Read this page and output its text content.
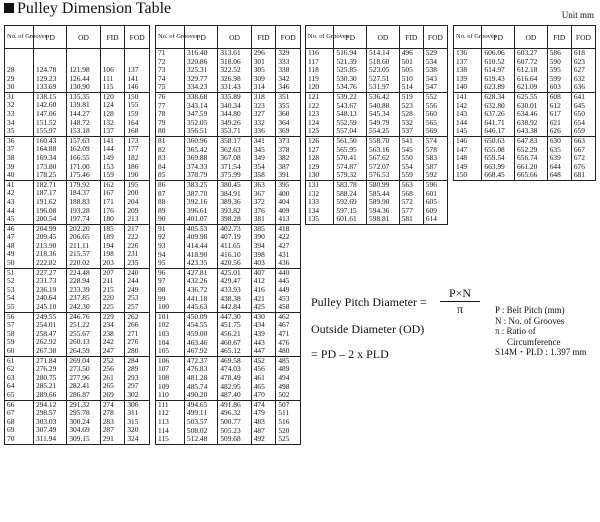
Pulley Dimension Table	Unit mm
No. of Grooves	PD	OD	FID	FOD

28	124.78	121.98	106	137
29	129.23	126.44	111	141
30	133.69	130.90	115	146
31	138.15	135.35	120	150
32	142.60	139.81	124	155
33	147.06	144.27	128	159
34	151.52	148.72	132	164
35	155.97	153.18	137	168
36	160.43	157.63	141	173
37	164.88	162.09	144	177
38	169.34	166.55	149	182
39	173.80	171.00	153	186
40	178.25	175.46	159	190
41	182.71	179.92	162	195
42	187.17	184.37	167	200
43	191.62	188.83	171	204
44	196.08	193.28	176	209
45	200.54	197.74	180	213
46	204.99	202.20	185	217
47	209.45	206.65	189	222
48	213.90	211.11	194	226
49	218.36	215.57	198	231
50	222.82	220.02	203	235
51	227.27	224.48	207	240
52	231.73	228.94	211	244
53	236.19	233.39	215	249
54	240.64	237.85	220	253
55	245.10	242.30	225	257
56	249.55	246.76	229	262
57	254.01	251.22	234	266
58	258.47	255.67	238	271
59	262.92	260.13	242	276
60	267.38	264.59	247	280
61	271.84	269.04	252	284
62	276.29	273.50	256	289
63	280.75	277.96	261	293
64	285.21	282.41	265	297
65	289.66	286.87	269	302
66	294.12	291.32	274	306
67	298.57	295.78	278	311
68	303.03	300.24	283	315
69	307.49	304.69	287	320
70	311.94	309.15	291	324
No. of Grooves	PD	OD	FID	FOD
71	316.40	313.61	296	329
72	320.86	318.06	301	333
73	325.31	322.52	305	338
74	329.77	326.98	309	342
75	334.23	331.43	314	346
76	338.68	335.89	318	351
77	343.14	340.34	323	355
78	347.59	344.80	327	360
79	352.05	349.26	332	364
80	356.51	353.71	336	369
81	360.96	358.17	341	373
82	365.42	362.63	345	378
83	369.88	367.08	349	382
84	374.33	371.54	354	387
85	378.79	375.99	358	391
86	383.25	380.45	363	395
87	387.70	384.91	367	400
88	392.16	389.36	372	404
89	396.61	393.82	376	409
90	401.07	398.28	381	413
91	405.53	402.73	385	418
92	409.98	407.19	390	422
93	414.44	411.65	394	427
94	418.90	416.10	398	431
95	423.35	420.56	403	436
96	427.81	425.01	407	440
97	432.26	429.47	412	445
98	436.72	433.93	416	449
99	441.18	438.38	421	453
100	445.63	442.84	425	458
101	450.09	447.30	430	462
102	454.55	451.75	434	467
103	459.00	456.21	439	471
104	463.46	460.67	443	476
105	467.92	465.12	447	480
106	472.37	469.58	452	485
107	476.83	474.03	456	489
108	481.28	478.49	461	494
109	485.74	482.95	465	498
110	490.20	487.40	470	502
111	494.65	491.86	474	507
112	499.11	496.32	479	511
113	503.57	500.77	483	516
114	508.02	505.23	487	520
115	512.48	509.68	492	525
No. of Grooves	PD	OD	FID	FOD
116	516.94	514.14	496	529
117	521.39	518.60	501	534
118	525.85	523.05	505	538
119	530.30	527.51	510	543
120	534.76	531.97	514	547
121	539.22	536.42	519	552
122	543.67	540.88	523	556
123	548.13	545.34	528	560
124	552.59	549.79	532	565
125	557.04	554.25	537	569
126	561.50	558.70	541	574
127	565.95	563.16	545	578
128	570.41	567.62	550	583
129	574.87	572.07	554	587
130	579.32	576.53	559	592
131	583.78	580.99	563	596
132	588.24	585.44	568	601
133	592.69	589.90	572	605
134	597.15	594.36	577	609
135	601.61	598.81	581	614
No. of Grooves	PD	OD	FID	FOD
136	606.06	603.27	586	618
137	610.52	607.72	590	623
138	614.97	612.18	595	627
139	619.43	616.64	599	632
140	623.89	621.09	603	636
141	628.34	625.55	608	641
142	632.80	630.01	612	645
143	637.26	634.46	617	650
144	641.71	638.92	621	654
145	646.17	643.38	626	659
146	650.63	647.83	630	663
147	655.08	652.29	635	667
148	659.54	656.74	639	672
149	663.99	661.20	644	676
150	668.45	665.66	648	681
Pulley Pitch Diameter = $\frac{P\times N}{\pi}$
Outside Diameter (OD)
= PD – 2 x PLD
P : Belt Pitch (mm)
N : No. of Grooves
π : Ratio of
Circumference
S14M・PLD : 1.397 mm
